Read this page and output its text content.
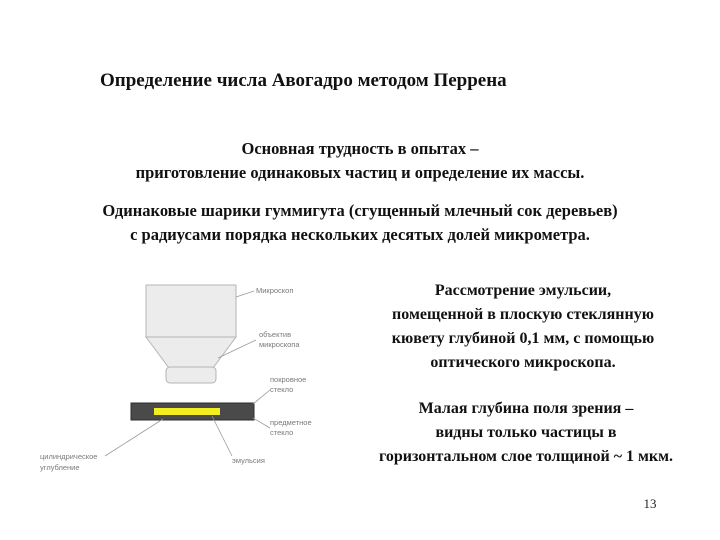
Определение числа Авогадро методом Перрена
Основная трудность в опытах –
приготовление одинаковых частиц и определение их массы.
Одинаковые шарики гуммигута (сгущенный млечный сок деревьев)
с радиусами порядка нескольких десятых долей микрометра.
Рассмотрение эмульсии,
помещенной в плоскую стеклянную
кювету глубиной 0,1 мм, с помощью
оптического микроскопа.
Малая глубина поля зрения –
видны только частицы в
горизонтальном слое толщиной ~ 1 мкм.
Микроскоп
объектив
микроскопа
покровное
стекло
предметное
стекло
цилиндрическое
углубление
эмульсия
13
